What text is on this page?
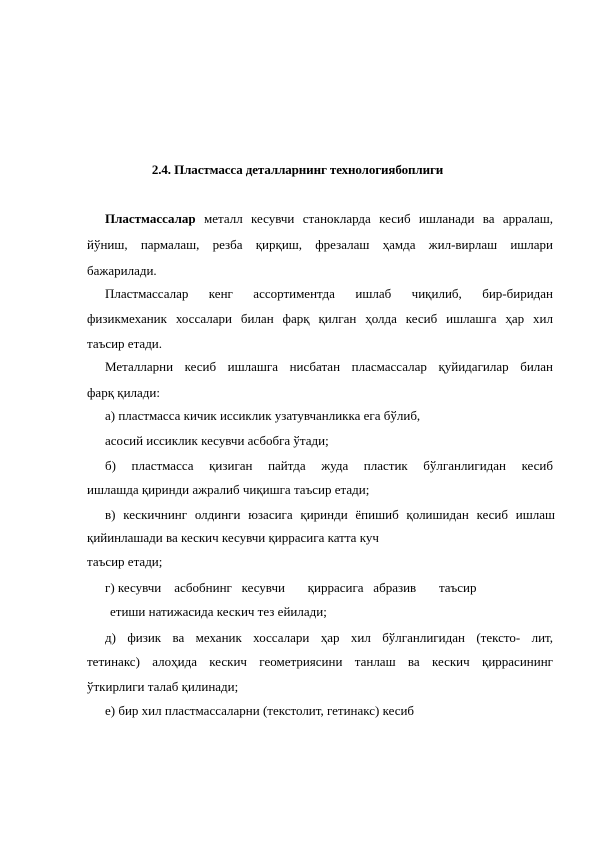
2.4. Пластмасса деталларнинг технологиябоплиги
Пластмассалар металл кесувчи станокларда кесиб ишланади ва арралаш,
йўниш, пармалаш, резба қирқиш, фрезалаш ҳамда жил-вирлаш ишлари
бажарилади.
Пластмассалар кенг ассортиментда ишлаб чиқилиб, бир-биридан
физикмеханик хоссалари билан фарқ қилган ҳолда кесиб ишлашга ҳар хил
таъсир етади.
Металларни кесиб ишлашга нисбатан пласмассалар қуйидагилар билан
фарқ қилади:
а) пластмасса кичик иссиклик узатувчанликка ега бўлиб,
асосий иссиклик кесувчи асбобга ўтади;
б) пластмасса қизиган пайтда жуда пластик бўлганлигидан кесиб
ишлашда қиринди ажралиб чиқишга таъсир етади;
в) кескичнинг олдинги юзасига қиринди ёпишиб қолишидан кесиб ишлаш
қийинлашади ва кескич кесувчи қиррасига катта куч
таъсир етади;
г) кесувчи    асбобнинг   кесувчи       қиррасига   абразив       таъсир
етиши натижасида кескич тез ейилади;
д) физик ва механик хоссалари ҳар хил бўлганлигидан (тексто- лит,
тетинакс) алоҳида кескич геометриясини танлаш ва кескич қиррасининг
ўткирлиги талаб қилинади;
е) бир хил пластмассаларни (текстолит, гетинакс) кесиб
